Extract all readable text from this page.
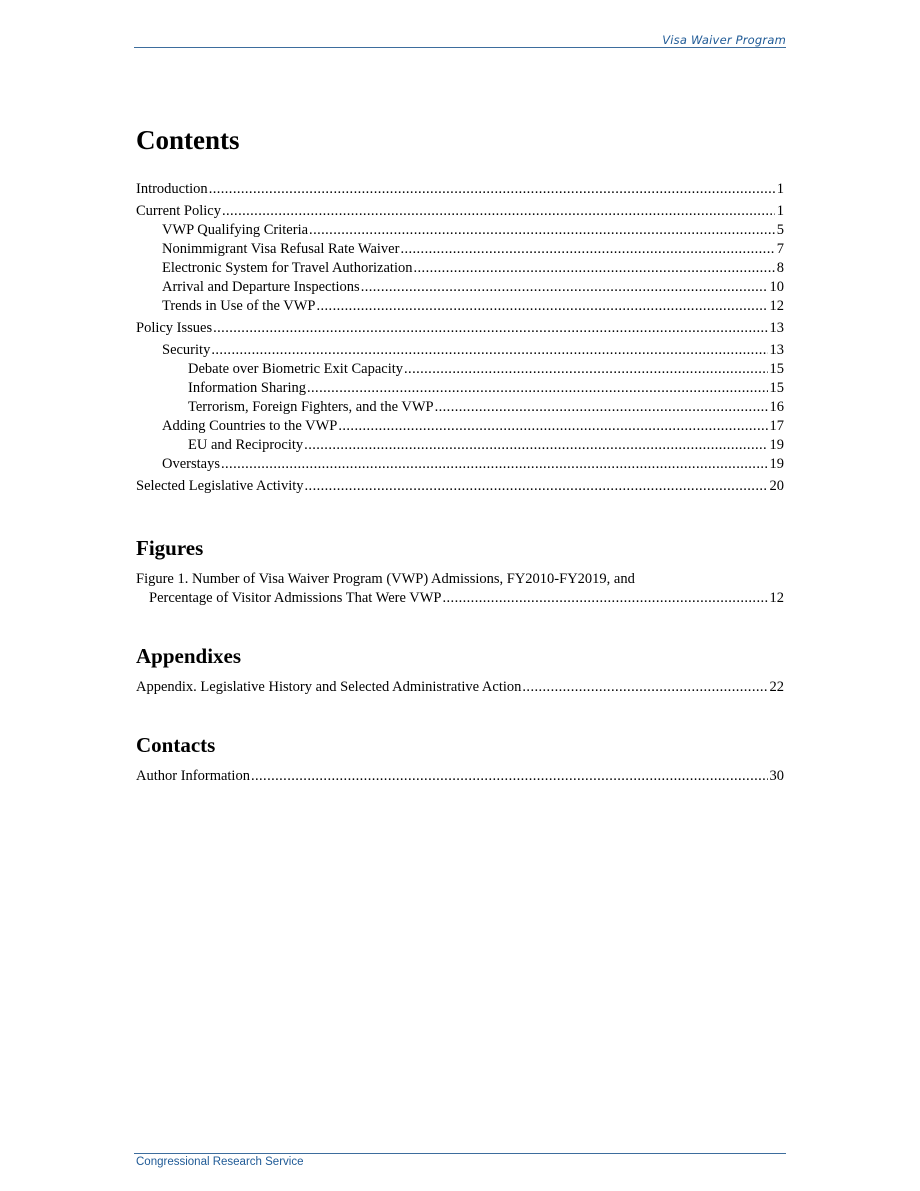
Visa Waiver Program
Contents
Introduction .....	1
Current Policy .....	1
VWP Qualifying Criteria .....	5
Nonimmigrant Visa Refusal Rate Waiver .....	7
Electronic System for Travel Authorization .....	8
Arrival and Departure Inspections .....	10
Trends in Use of the VWP .....	12
Policy Issues .....	13
Security .....	13
Debate over Biometric Exit Capacity .....	15
Information Sharing .....	15
Terrorism, Foreign Fighters, and the VWP .....	16
Adding Countries to the VWP .....	17
EU and Reciprocity .....	19
Overstays .....	19
Selected Legislative Activity .....	20
Figures
Figure 1. Number of Visa Waiver Program (VWP) Admissions, FY2010-FY2019, and
Percentage of Visitor Admissions That Were VWP .....	12
Appendixes
Appendix. Legislative History and Selected Administrative Action .....	22
Contacts
Author Information .....	30
Congressional Research Service
